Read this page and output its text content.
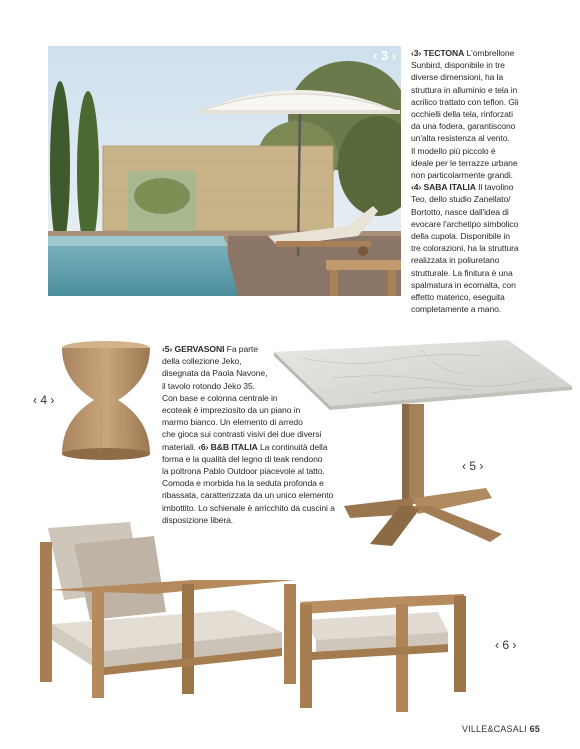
‹ 3 › ‹3› TECTONA L'ombrellone
Sunbird, disponibile in tre
diverse dimensioni, ha la
struttura in alluminio e tela in
acrilico trattato con teflon. Gli
occhielli della tela, rinforzati
da una fodera, garantiscono
un'alta resistenza al vento.
Il modello più piccolo è
ideale per le terrazze urbane
non particolarmente grandi.
‹4› SABA ITALIA Il tavolino
Teo, dello studio Zanellato/
Bortotto, nasce dall'idea di
evocare l'archetipo simbolico
della cupola. Disponibile in
tre colorazioni, ha la struttura
realizzata in poliuretano
strutturale. La finitura è una
spalmatura in ecomalta, con
effetto materico, eseguita
completamente a mano.
‹ 4 ›
‹5› GERVASONI Fa parte
della collezione Jeko,
disegnata da Paola Navone,
il tavolo rotondo Jeko 35.
Con base e colonna centrale in
ecoteak è impreziosito da un piano in
marmo bianco. Un elemento di arredo
che gioca sui contrasti visivi dei due diversi
materiali. ‹6› B&B ITALIA La continuità della
forma e la qualità del legno di teak rendono
la poltrona Pablo Outdoor piacevole al tatto.
Comoda e morbida ha la seduta profonda e
ribassata, caratterizzata da un unico elemento
imbottito. Lo schienale è arricchito da cuscini a
disposizione libera.
‹ 5 ›
‹ 6 ›
VILLE&CASALI 65
